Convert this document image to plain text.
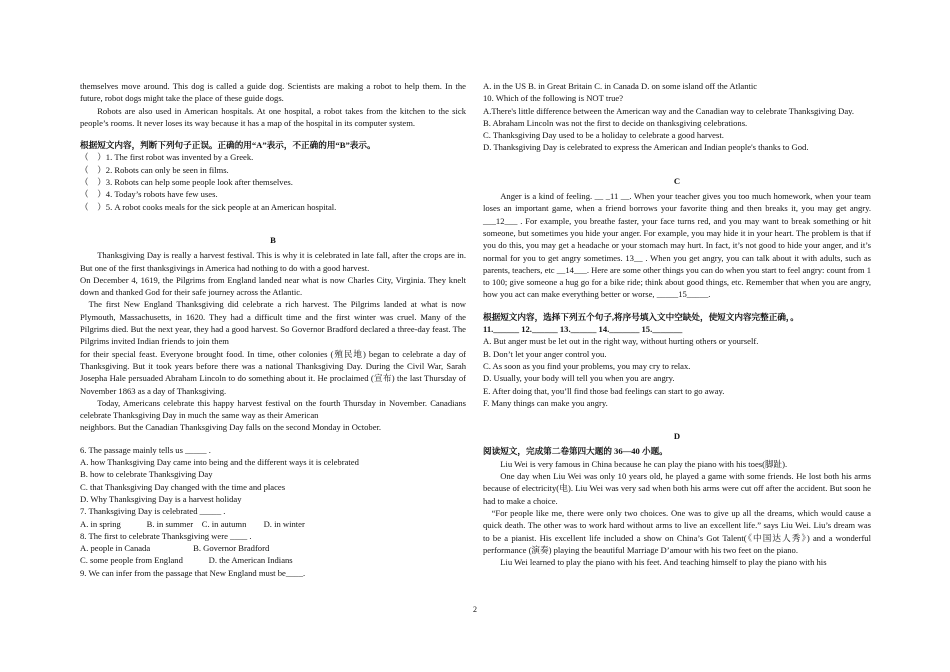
themselves move around. This dog is called a guide dog. Scientists are making a robot to help them. In the future, robot dogs might take the place of these guide dogs.

Robots are also used in American hospitals. At one hospital, a robot takes from the kitchen to the sick people’s rooms. It never loses its way because it has a map of the hospital in its computer system.

根据短文内容，判断下列句子正误。正确的用“A”表示，不正确的用“B”表示。

（　）1. The first robot was invented by a Greek.

（　）2. Robots can only be seen in films.

（　）3. Robots can help some people look after themselves.

（　）4. Today’s robots have few uses.

（　）5. A robot cooks meals for the sick people at an American hospital.

B

Thanksgiving Day is really a harvest festival. This is why it is celebrated in late fall, after the crops are in. But one of the first thanksgivings in America had nothing to do with a good harvest.

On December 4, 1619, the Pilgrims from England landed near what is now Charles City, Virginia. They knelt down and thanked God for their safe journey across the Atlantic.

The first New England Thanksgiving did celebrate a rich harvest. The Pilgrims landed at what is now Plymouth, Massachusetts, in 1620. They had a difficult time and the first winter was cruel. Many of the Pilgrims died. But the next year, they had a good harvest. So Governor Bradford declared a three-day feast. The Pilgrims invited Indian friends to join them

for their special feast. Everyone brought food. In time, other colonies (殖民地) began to celebrate a day of Thanksgiving. But it took years before there was a national Thanksgiving Day. During the Civil War, Sarah Josepha Hale persuaded Abraham Lincoln to do something about it. He proclaimed (宣布) the last Thursday of November 1863 as a day of Thanksgiving.

Today, Americans celebrate this happy harvest festival on the fourth Thursday in November. Canadians celebrate Thanksgiving Day in much the same way as their American

neighbors. But the Canadian Thanksgiving Day falls on the second Monday in October.

6. The passage mainly tells us _____ .

A. how Thanksgiving Day came into being and the different ways it is celebrated

B. how to celebrate Thanksgiving Day

C. that Thanksgiving Day changed with the time and places

D. Why Thanksgiving Day is a harvest holiday

7. Thanksgiving Day is celebrated _____ .

A. in spring　　　B. in summer　C. in autumn　　D. in winter

8. The first to celebrate Thanksgiving were ____ .

A. people in Canada　　　　　B. Governor Bradford

C. some people from England　　　D. the American Indians

9. We can infer from the passage that New England must be____.

A. in the US B. in Great Britain C. in Canada D. on some island off the Atlantic

10. Which of the following is NOT true?

A.There's little difference between the American way and the Canadian way to celebrate Thanksgiving Day.

B. Abraham Lincoln was not the first to decide on thanksgiving celebrations.

C. Thanksgiving Day used to be a holiday to celebrate a good harvest.

D. Thanksgiving Day is celebrated to express the American and Indian people's thanks to God.

C

Anger is a kind of feeling. __ _11 __. When your teacher gives you too much homework, when your team loses an important game, when a friend borrows your favorite thing and then breaks it, you may get angry. ___12___ . For example, you breathe faster, your face turns red, and you may want to break something or hit someone, but sometimes you hide your anger. For example, you may hide it in your heart. The problem is that if you do this, you may get a headache or your stomach may hurt. In fact, it’s not good to hide your anger, and it’s normal for you to get angry sometimes. 13__ . When you get angry, you can talk about it with adults, such as parents, teachers, etc __14___. Here are some other things you can do when you start to feel angry: count from 1 to 100; give someone a hug go for a bike ride; think about good things, etc. Remember that when you are angry, how you act can make everything better or worse, _____15_____.

根据短文内容，选择下列五个句子,将序号填入文中空缺处，使短文内容完整正确，。

11.______ 12.______ 13.______ 14._______ 15._______

A. But anger must be let out in the right way, without hurting others or yourself.

B. Don’t let your anger control you.

C. As soon as you find your problems, you may cry to relax.

D. Usually, your body will tell you when you are angry.

E. After doing that, you’ll find those bad feelings can start to go away.

F. Many things can make you angry.

D

阅读短文，完成第二卷第四大题的 36—40 小题。

Liu Wei is very famous in China because he can play the piano with his toes(脚趾).

One day when Liu Wei was only 10 years old, he played a game with some friends. He lost both his arms because of electricity(电). Liu Wei was very sad when both his arms were cut off after the accident. But soon he had to make a choice.

“For people like me, there were only two choices. One was to give up all the dreams, which would cause a quick death. The other was to work hard without arms to live an excellent life.” says Liu Wei. Liu’s dream was to be a pianist. His excellent life included a show on China’s Got Talent(《中国达人秀》) and a wonderful performance (演奏) playing the beautiful Marriage D’amour with his two feet on the piano.

Liu Wei learned to play the piano with his feet. And teaching himself to play the piano with his

2
